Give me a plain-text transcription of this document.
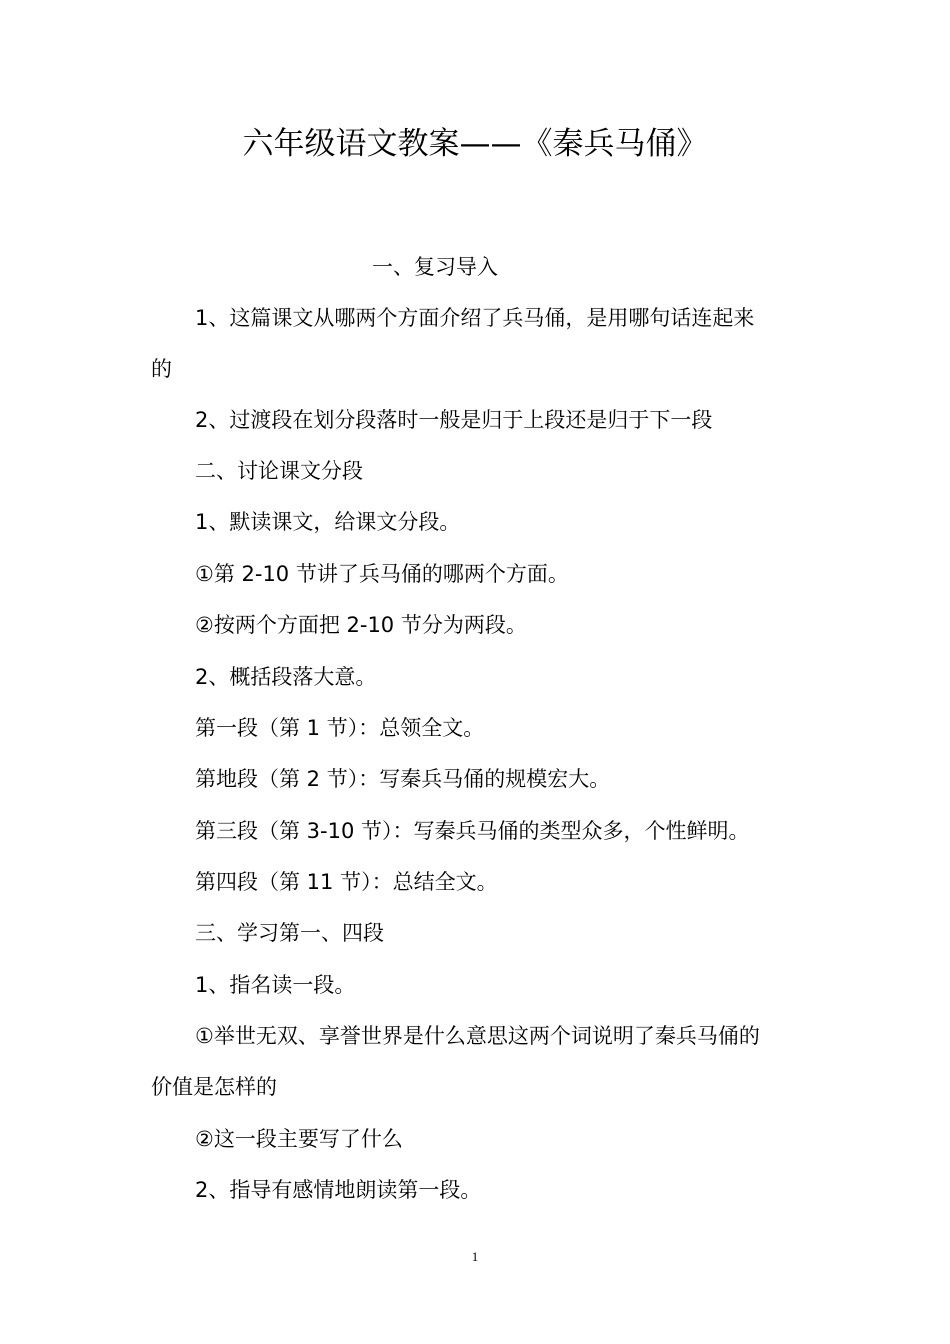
六年级语文教案——《秦兵马俑》
一、复习导入
1、这篇课文从哪两个方面介绍了兵马俑，是用哪句话连起来
的
2、过渡段在划分段落时一般是归于上段还是归于下一段
二、讨论课文分段
1、默读课文，给课文分段。
①第 2-10 节讲了兵马俑的哪两个方面。
②按两个方面把 2-10 节分为两段。
2、概括段落大意。
第一段（第 1 节）：总领全文。
第地段（第 2 节）：写秦兵马俑的规模宏大。
第三段（第 3-10 节）：写秦兵马俑的类型众多，个性鲜明。
第四段（第 11 节）：总结全文。
三、学习第一、四段
1、指名读一段。
①举世无双、享誉世界是什么意思这两个词说明了秦兵马俑的
价值是怎样的
②这一段主要写了什么
2、指导有感情地朗读第一段。
1
